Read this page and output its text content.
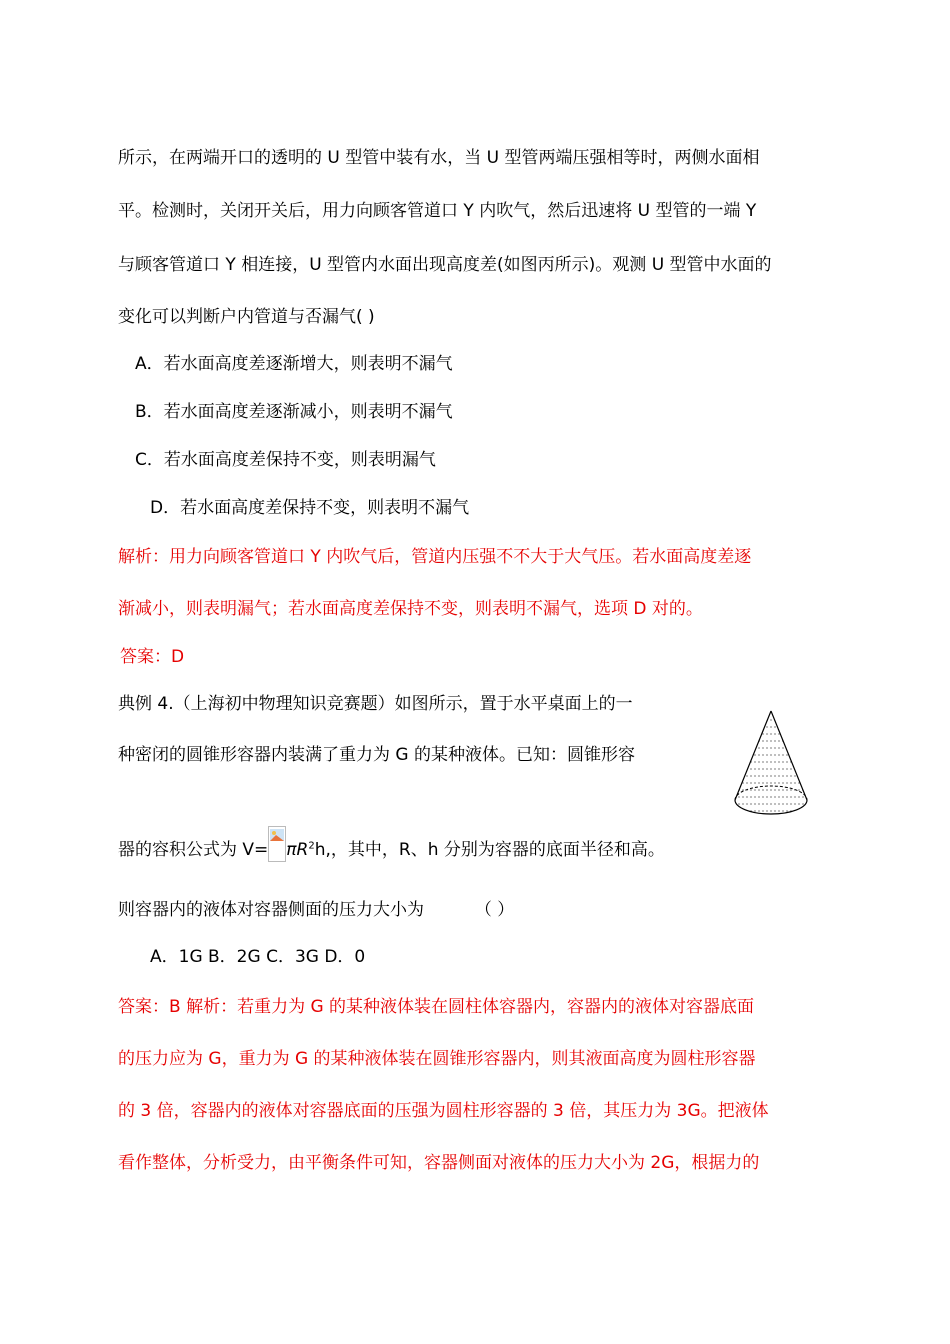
所示，在两端开口的透明的 U 型管中装有水，当 U 型管两端压强相等时，两侧水面相
平。检测时，关闭开关后，用力向顾客管道口 Y 内吹气，然后迅速将 U 型管的一端 Y
与顾客管道口 Y 相连接，U 型管内水面出现高度差(如图丙所示)。观测 U 型管中水面的
变化可以判断户内管道与否漏气( )
A．若水面高度差逐渐增大，则表明不漏气
B．若水面高度差逐渐减小，则表明不漏气
C．若水面高度差保持不变，则表明漏气
D．若水面高度差保持不变，则表明不漏气
解析：用力向顾客管道口 Y 内吹气后，管道内压强不不大于大气压。若水面高度差逐
渐减小，则表明漏气；若水面高度差保持不变，则表明不漏气，选项 D 对的。
答案：D
典例 4.（上海初中物理知识竞赛题）如图所示，置于水平桌面上的一
种密闭的圆锥形容器内装满了重力为 G 的某种液体。已知：圆锥形容
器的容积公式为 $V= \pi R^2h$,，其中，R、h 分别为容器的底面半径和高。
则容器内的液体对容器侧面的压力大小为	（ ）
A．1G B．2G C．3G D．0
答案：B 解析：若重力为 G 的某种液体装在圆柱体容器内，容器内的液体对容器底面
的压力应为 G，重力为 G 的某种液体装在圆锥形容器内，则其液面高度为圆柱形容器
的 3 倍，容器内的液体对容器底面的压强为圆柱形容器的 3 倍，其压力为 3G。把液体
看作整体，分析受力，由平衡条件可知，容器侧面对液体的压力大小为 2G，根据力的
